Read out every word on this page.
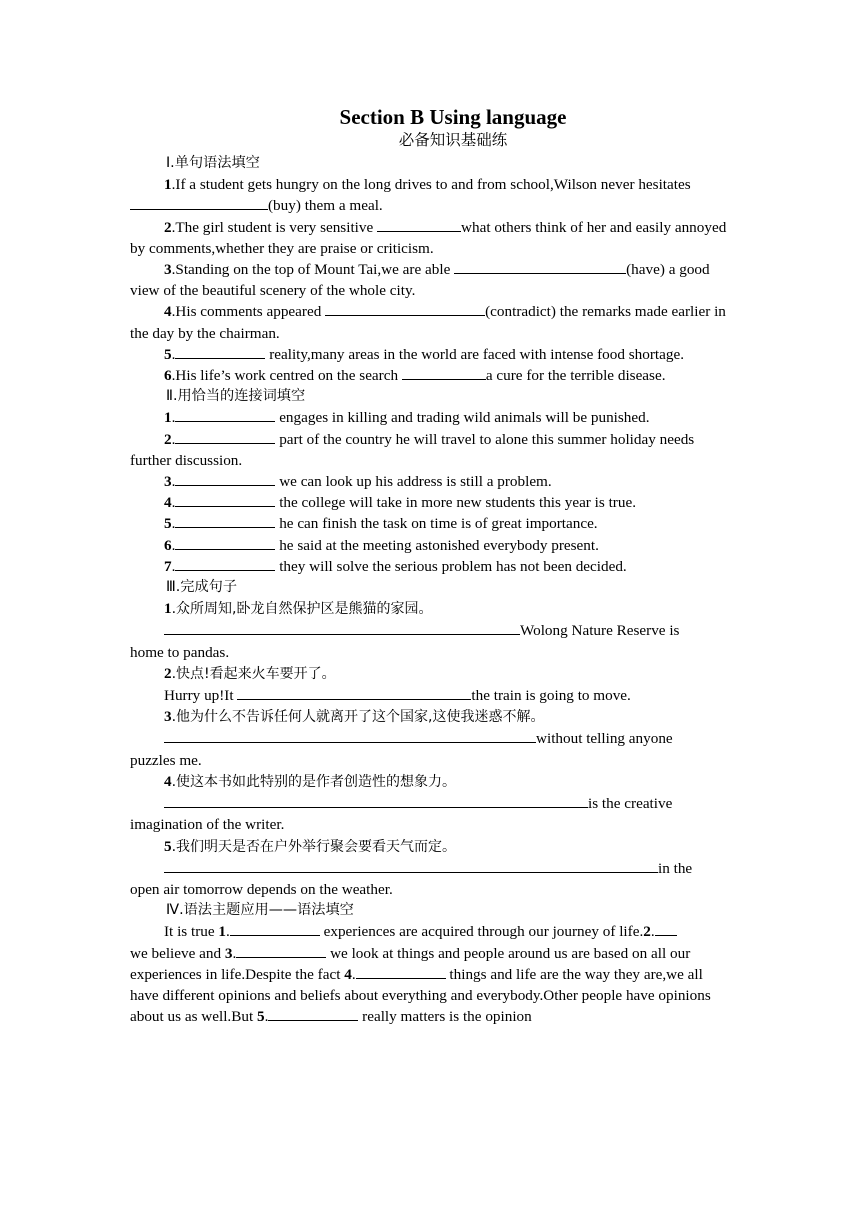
Section B Using language
必备知识基础练
Ⅰ.单句语法填空
1.If a student gets hungry on the long drives to and from school,Wilson never hesitates
(buy) them a meal.
2.The girl student is very sensitive	what others think of her and easily annoyed by comments,whether they are praise or criticism.
3.Standing on the top of Mount Tai,we are able	(have) a good view of the beautiful scenery of the whole city.
4.His comments appeared	(contradict) the remarks made earlier in the day by the chairman.
5.	reality,many areas in the world are faced with intense food shortage.
6.His life’s work centred on the search	a cure for the terrible disease.
Ⅱ.用恰当的连接词填空
1.	engages in killing and trading wild animals will be punished.
2.	part of the country he will travel to alone this summer holiday needs further discussion.
3.	we can look up his address is still a problem.
4.	the college will take in more new students this year is true.
5.	he can finish the task on time is of great importance.
6.	he said at the meeting astonished everybody present.
7.	they will solve the serious problem has not been decided.
Ⅲ.完成句子
1.众所周知,卧龙自然保护区是熊猫的家园。
Wolong Nature Reserve is
home to pandas.
2.快点!看起来火车要开了。
Hurry up!It	the train is going to move.
3.他为什么不告诉任何人就离开了这个国家,这使我迷惑不解。
without telling anyone
puzzles me.
4.使这本书如此特别的是作者创造性的想象力。
is the creative
imagination of the writer.
5.我们明天是否在户外举行聚会要看天气而定。
in the
open air tomorrow depends on the weather.
Ⅳ.语法主题应用——语法填空
It is true 1.	experiences are acquired through our journey of life.2.
we believe and 3.	we look at things and people around us are based on all our experiences in life.Despite the fact 4.	things and life are the way they are,we all have different opinions and beliefs about everything and everybody.Other people have opinions about us as well.But 5.	really matters is the opinion
